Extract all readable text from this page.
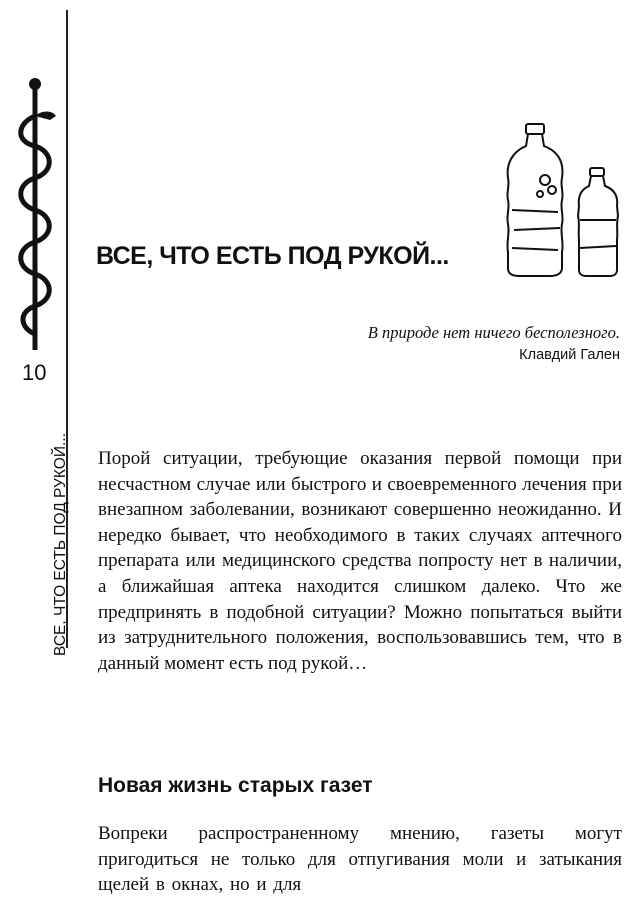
10
ВСЕ, ЧТО ЕСТЬ ПОД РУКОЙ...
ВСЕ, ЧТО ЕСТЬ ПОД РУКОЙ...
В природе нет ничего бесполезного.
Клавдий Гален

Порой ситуации, требующие оказания первой помощи при несчастном случае или быстрого и своевременного лечения при внезапном заболевании, возникают совершенно неожиданно. И нередко бывает, что необходимого в таких случаях аптечного препарата или медицинского средства попросту нет в наличии, а ближайшая аптека находится слишком далеко. Что же предпринять в подобной ситуации? Можно попытаться выйти из затруднительного положения, воспользовавшись тем, что в данный момент есть под рукой…

Новая жизнь старых газет

Вопреки распространенному мнению, газеты могут пригодиться не только для отпугивания моли и затыкания щелей в окнах, но и для
